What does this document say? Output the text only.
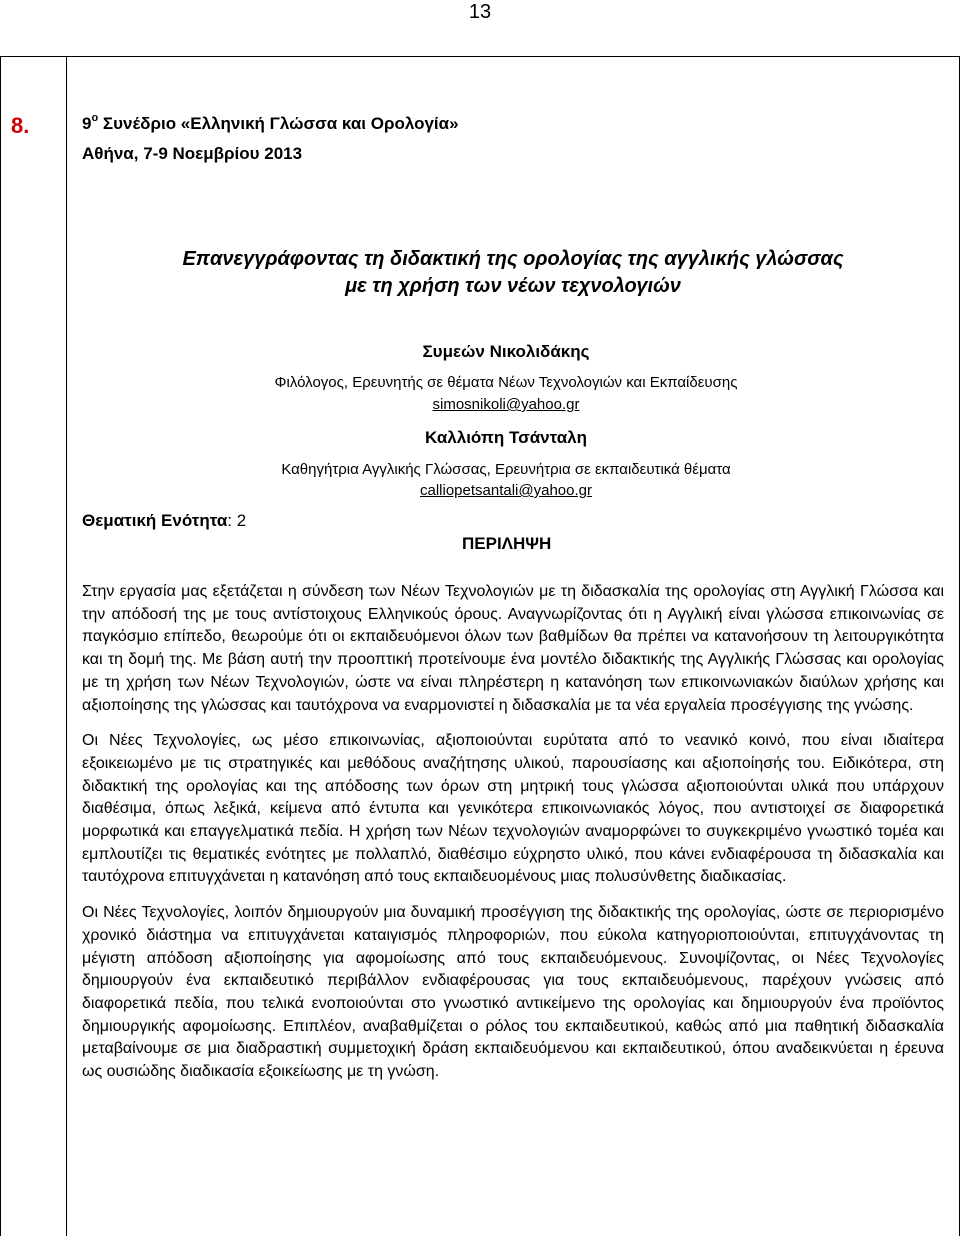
13
8.	$9^o$ Συνέδριο «Ελληνική Γλώσσα και Ορολογία»
Αθήνα, 7-9 Νοεμβρίου 2013
Επανεγγράφοντας τη διδακτική της ορολογίας της αγγλικής γλώσσας
με τη χρήση των νέων τεχνολογιών
Συμεών Νικολιδάκης
Φιλόλογος, Ερευνητής σε θέματα Νέων Τεχνολογιών και Εκπαίδευσης
simosnikoli@yahoo.gr
Καλλιόπη Τσάνταλη
Καθηγήτρια Αγγλικής Γλώσσας, Ερευνήτρια σε εκπαιδευτικά θέματα
calliopetsantali@yahoo.gr
Θεματική Ενότητα: 2
ΠΕΡΙΛΗΨΗ

Στην εργασία μας εξετάζεται η σύνδεση των Νέων Τεχνολογιών με τη διδασκαλία της ορολογίας στη Αγγλική Γλώσσα και την απόδοσή της με τους αντίστοιχους Ελληνικούς όρους. Αναγνωρίζοντας ότι η Αγγλική είναι γλώσσα επικοινωνίας σε παγκόσμιο επίπεδο, θεωρούμε ότι οι εκπαιδευόμενοι όλων των βαθμίδων θα πρέπει να κατανοήσουν τη λειτουργικότητα και τη δομή της. Με βάση αυτή την προοπτική προτείνουμε ένα μοντέλο διδακτικής της Αγγλικής Γλώσσας και ορολογίας με τη χρήση των Νέων Τεχνολογιών, ώστε να είναι πληρέστερη η κατανόηση των επικοινωνιακών διαύλων χρήσης και αξιοποίησης της γλώσσας και ταυτόχρονα να εναρμονιστεί η διδασκαλία με τα νέα εργαλεία προσέγγισης της γνώσης.

Οι Νέες Τεχνολογίες, ως μέσο επικοινωνίας, αξιοποιούνται ευρύτατα από το νεανικό κοινό, που είναι ιδιαίτερα εξοικειωμένο με τις στρατηγικές και μεθόδους αναζήτησης υλικού, παρουσίασης και αξιοποίησής του. Ειδικότερα, στη διδακτική της ορολογίας και της απόδοσης των όρων στη μητρική τους γλώσσα αξιοποιούνται υλικά που υπάρχουν διαθέσιμα, όπως λεξικά, κείμενα από έντυπα και γενικότερα επικοινωνιακός λόγος, που αντιστοιχεί σε διαφορετικά μορφωτικά και επαγγελματικά πεδία. Η χρήση των Νέων τεχνολογιών αναμορφώνει το συγκεκριμένο γνωστικό τομέα και εμπλουτίζει τις θεματικές ενότητες με πολλαπλό, διαθέσιμο εύχρηστο υλικό, που κάνει ενδιαφέρουσα τη διδασκαλία και ταυτόχρονα επιτυγχάνεται η κατανόηση από τους εκπαιδευομένους μιας πολυσύνθετης διαδικασίας.

Οι Νέες Τεχνολογίες, λοιπόν δημιουργούν μια δυναμική προσέγγιση της διδακτικής της ορολογίας, ώστε σε περιορισμένο χρονικό διάστημα να επιτυγχάνεται καταιγισμός πληροφοριών, που εύκολα κατηγοριοποιούνται, επιτυγχάνοντας τη μέγιστη απόδοση αξιοποίησης για αφομοίωσης από τους εκπαιδευόμενους. Συνοψίζοντας, οι Νέες Τεχνολογίες δημιουργούν ένα εκπαιδευτικό περιβάλλον ενδιαφέρουσας για τους εκπαιδευόμενους, παρέχουν γνώσεις από διαφορετικά πεδία, που τελικά ενοποιούνται στο γνωστικό αντικείμενο της ορολογίας και δημιουργούν ένα προϊόντος δημιουργικής αφομοίωσης. Επιπλέον, αναβαθμίζεται ο ρόλος του εκπαιδευτικού, καθώς από μια παθητική διδασκαλία μεταβαίνουμε σε μια διαδραστική συμμετοχική δράση εκπαιδευόμενου και εκπαιδευτικού, όπου αναδεικνύεται η έρευνα ως ουσιώδης διαδικασία εξοικείωσης με τη γνώση.
